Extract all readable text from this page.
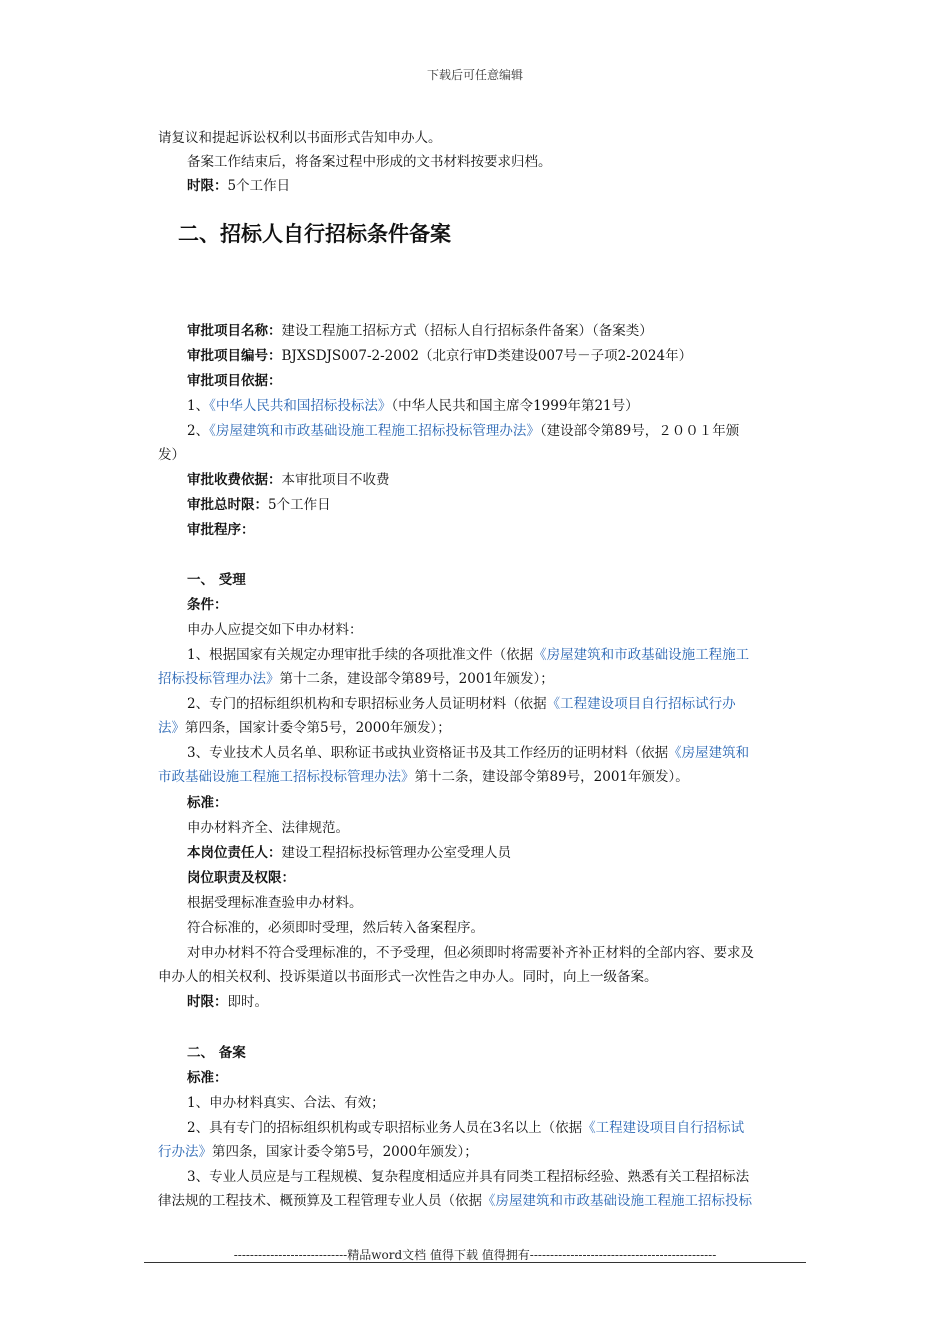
下载后可任意编辑
请复议和提起诉讼权利以书面形式告知申办人。
备案工作结束后，将备案过程中形成的文书材料按要求归档。
时限：5个工作日
二、招标人自行招标条件备案
审批项目名称：建设工程施工招标方式（招标人自行招标条件备案）（备案类）
审批项目编号：BJXSDJS007-2-2002（北京行审D类建设007号－子项2-2024年）
审批项目依据：
1、《中华人民共和国招标投标法》（中华人民共和国主席令1999年第21号）
2、《房屋建筑和市政基础设施工程施工招标投标管理办法》（建设部令第89号，２００１年颁
发）
审批收费依据：本审批项目不收费
审批总时限：5个工作日
审批程序：
一、 受理
条件：
申办人应提交如下申办材料：
1、根据国家有关规定办理审批手续的各项批准文件（依据《房屋建筑和市政基础设施工程施工
招标投标管理办法》第十二条，建设部令第89号，2001年颁发）；
2、专门的招标组织机构和专职招标业务人员证明材料（依据《工程建设项目自行招标试行办
法》第四条，国家计委令第5号，2000年颁发）；
3、专业技术人员名单、职称证书或执业资格证书及其工作经历的证明材料（依据《房屋建筑和
市政基础设施工程施工招标投标管理办法》第十二条，建设部令第89号，2001年颁发）。
标准：
申办材料齐全、法律规范。
本岗位责任人：建设工程招标投标管理办公室受理人员
岗位职责及权限：
根据受理标准查验申办材料。
符合标准的，必须即时受理，然后转入备案程序。
对申办材料不符合受理标准的，不予受理，但必须即时将需要补齐补正材料的全部内容、要求及
申办人的相关权利、投诉渠道以书面形式一次性告之申办人。同时，向上一级备案。
时限：即时。
二、 备案
标准：
1、申办材料真实、合法、有效；
2、具有专门的招标组织机构或专职招标业务人员在3名以上（依据《工程建设项目自行招标试
行办法》第四条，国家计委令第5号，2000年颁发）；
3、专业人员应是与工程规模、复杂程度相适应并具有同类工程招标经验、熟悉有关工程招标法
律法规的工程技术、概预算及工程管理专业人员（依据《房屋建筑和市政基础设施工程施工招标投标
----------------------------精品word文档 值得下载 值得拥有----------------------------------------------
